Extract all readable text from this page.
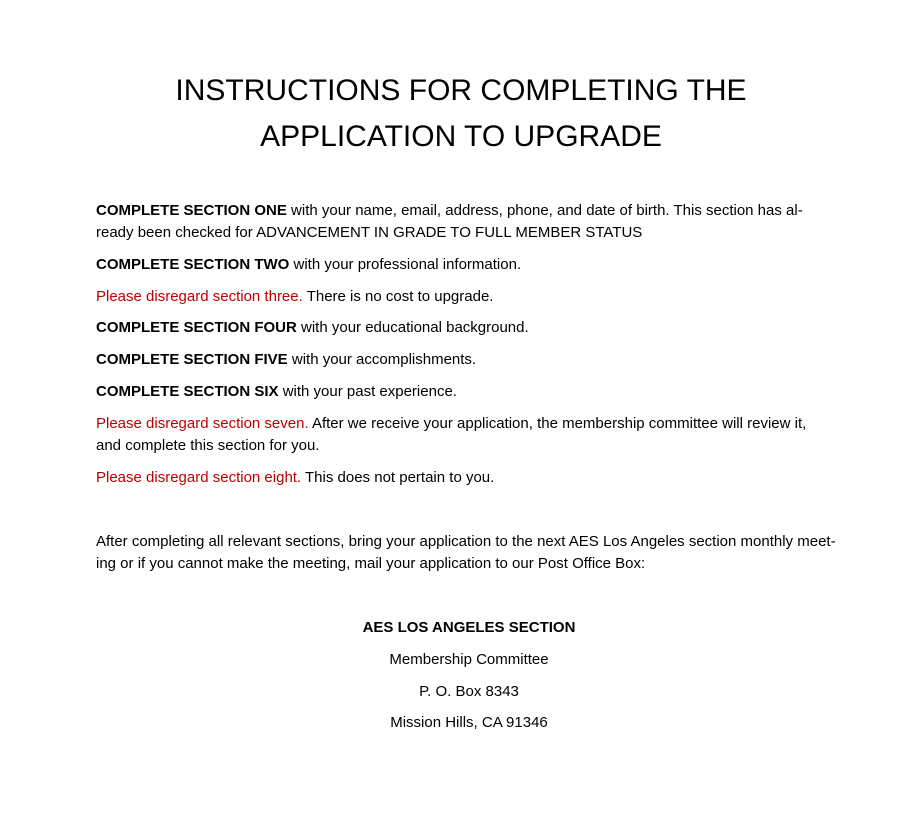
INSTRUCTIONS FOR COMPLETING THE
APPLICATION TO UPGRADE

COMPLETE SECTION ONE with your name, email, address, phone, and date of birth. This section has al-
ready been checked for ADVANCEMENT IN GRADE TO FULL MEMBER STATUS

COMPLETE SECTION TWO with your professional information.

Please disregard section three. There is no cost to upgrade.

COMPLETE SECTION FOUR with your educational background.

COMPLETE SECTION FIVE with your accomplishments.

COMPLETE SECTION SIX with your past experience.

Please disregard section seven. After we receive your application, the membership committee will review it,
and complete this section for you.

Please disregard section eight. This does not pertain to you.

After completing all relevant sections, bring your application to the next AES Los Angeles section monthly meet-
ing or if you cannot make the meeting, mail your application to our Post Office Box:

AES LOS ANGELES SECTION

Membership Committee

P. O. Box 8343

Mission Hills, CA 91346
